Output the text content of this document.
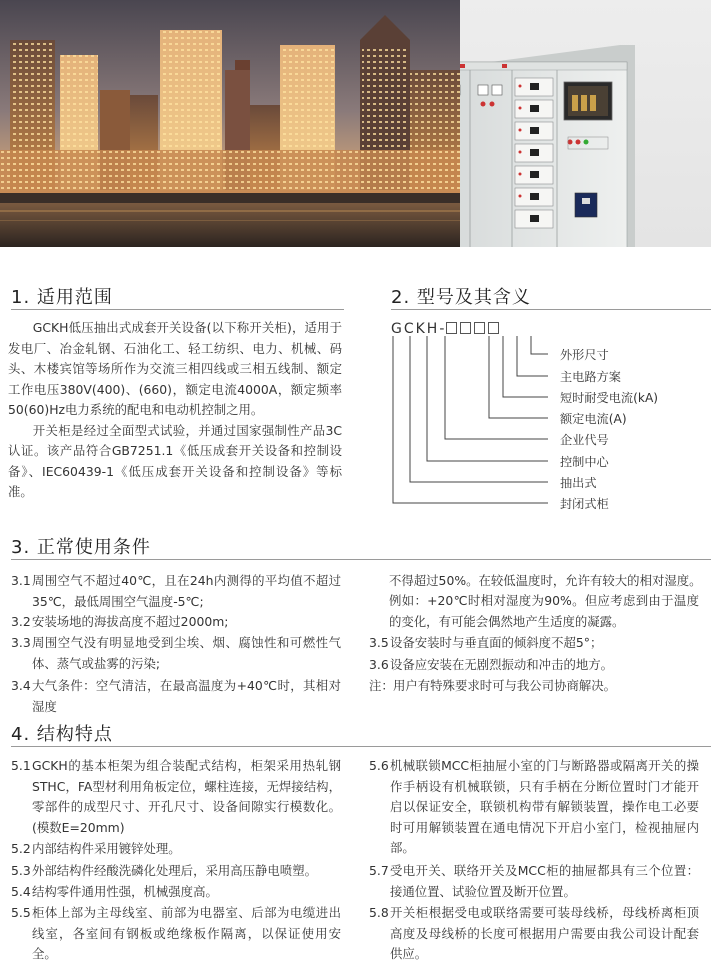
1. 适用范围

GCKH低压抽出式成套开关设备(以下称开关柜)，适用于发电厂、冶金轧钢、石油化工、轻工纺织、电力、机械、码头、木楼宾馆等场所作为交流三相四线或三相五线制、额定工作电压380V(400)、(660)，额定电流4000A，额定频率50(60)Hz电力系统的配电和电动机控制之用。

开关柜是经过全面型式试验，并通过国家强制性产品3C认证。该产品符合GB7251.1《低压成套开关设备和控制设备》、IEC60439-1《低压成套开关设备和控制设备》等标准。

2. 型号及其含义
GCKH-
外形尺寸
主电路方案
短时耐受电流(kA)
额定电流(A)
企业代号
控制中心
抽出式
封闭式柜
3. 正常使用条件
3.1 周围空气不超过40℃，且在24h内测得的平均值不超过35℃，最低周围空气温度-5℃;
3.2 安装场地的海拔高度不超过2000m;
3.3 周围空气没有明显地受到尘埃、烟、腐蚀性和可燃性气体、蒸气或盐雾的污染;
3.4 大气条件：空气清洁，在最高温度为+40℃时，其相对湿度
不得超过50%。在较低温度时，允许有较大的相对湿度。
例如：+20℃时相对湿度为90%。但应考虑到由于温度的变化，有可能会偶然地产生适度的凝露。
3.5 设备安装时与垂直面的倾斜度不超5°；
3.6 设备应安装在无剧烈振动和冲击的地方。
注： 用户有特殊要求时可与我公司协商解决。
4. 结构特点
5.1 GCKH的基本柜架为组合装配式结构，柜架采用热轧钢STHC，FA型材利用角板定位，螺柱连接，无焊接结构，零部件的成型尺寸、开孔尺寸、设备间隙实行模数化。(模数E=20mm)
5.2 内部结构件采用镀锌处理。
5.3 外部结构件经酸洗磷化处理后，采用高压静电喷塑。
5.4 结构零件通用性强，机械强度高。
5.5 柜体上部为主母线室、前部为电器室、后部为电缆进出线室，各室间有钢板或绝缘板作隔离，以保证使用安全。
5.6 机械联锁MCC柜抽屉小室的门与断路器或隔离开关的操作手柄设有机械联锁，只有手柄在分断位置时门才能开启以保证安全，联锁机构带有解锁装置，操作电工必要时可用解锁装置在通电情况下开启小室门，检视抽屉内部。
5.7 受电开关、联络开关及MCC柜的抽屉都具有三个位置：接通位置、试验位置及断开位置。
5.8 开关柜根据受电或联络需要可装母线桥，母线桥离柜顶高度及母线桥的长度可根据用户需要由我公司设计配套供应。
